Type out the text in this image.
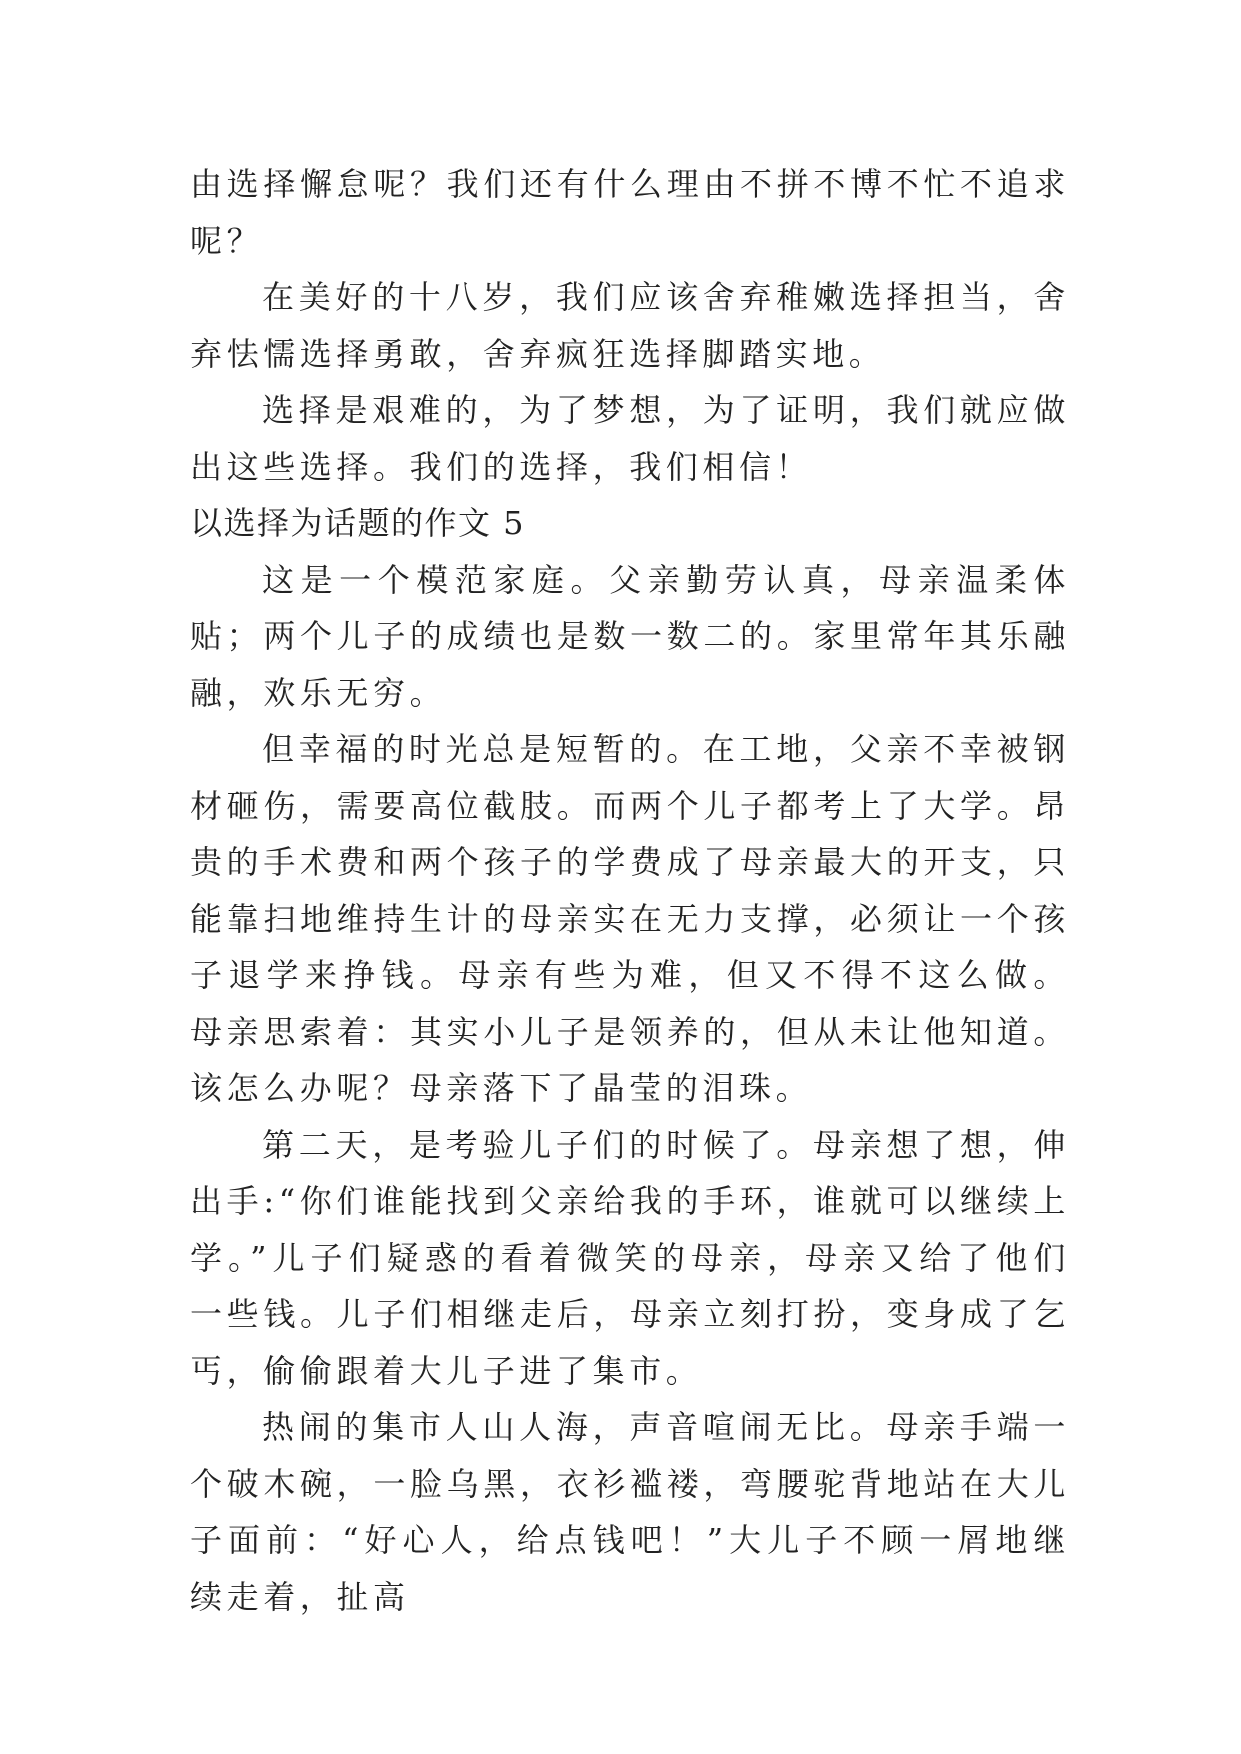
由选择懈怠呢？我们还有什么理由不拼不博不忙不追求呢？

在美好的十八岁，我们应该舍弃稚嫩选择担当，舍弃怯懦选择勇敢，舍弃疯狂选择脚踏实地。

选择是艰难的，为了梦想，为了证明，我们就应做出这些选择。我们的选择，我们相信！

以选择为话题的作文 5

这是一个模范家庭。父亲勤劳认真，母亲温柔体贴；两个儿子的成绩也是数一数二的。家里常年其乐融融，欢乐无穷。

但幸福的时光总是短暂的。在工地，父亲不幸被钢材砸伤，需要高位截肢。而两个儿子都考上了大学。昂贵的手术费和两个孩子的学费成了母亲最大的开支，只能靠扫地维持生计的母亲实在无力支撑，必须让一个孩子退学来挣钱。母亲有些为难，但又不得不这么做。 母亲思索着：其实小儿子是领养的，但从未让他知道。该怎么办呢？母亲落下了晶莹的泪珠。

第二天，是考验儿子们的时候了。母亲想了想，伸出手:“你们谁能找到父亲给我的手环，谁就可以继续上学。”儿子们疑惑的看着微笑的母亲，母亲又给了他们一些钱。儿子们相继走后，母亲立刻打扮，变身成了乞丐，偷偷跟着大儿子进了集市。

热闹的集市人山人海，声音喧闹无比。母亲手端一个破木碗，一脸乌黑，衣衫褴褛，弯腰驼背地站在大儿子面前：“好心人，给点钱吧！”大儿子不顾一屑地继续走着，扯高
